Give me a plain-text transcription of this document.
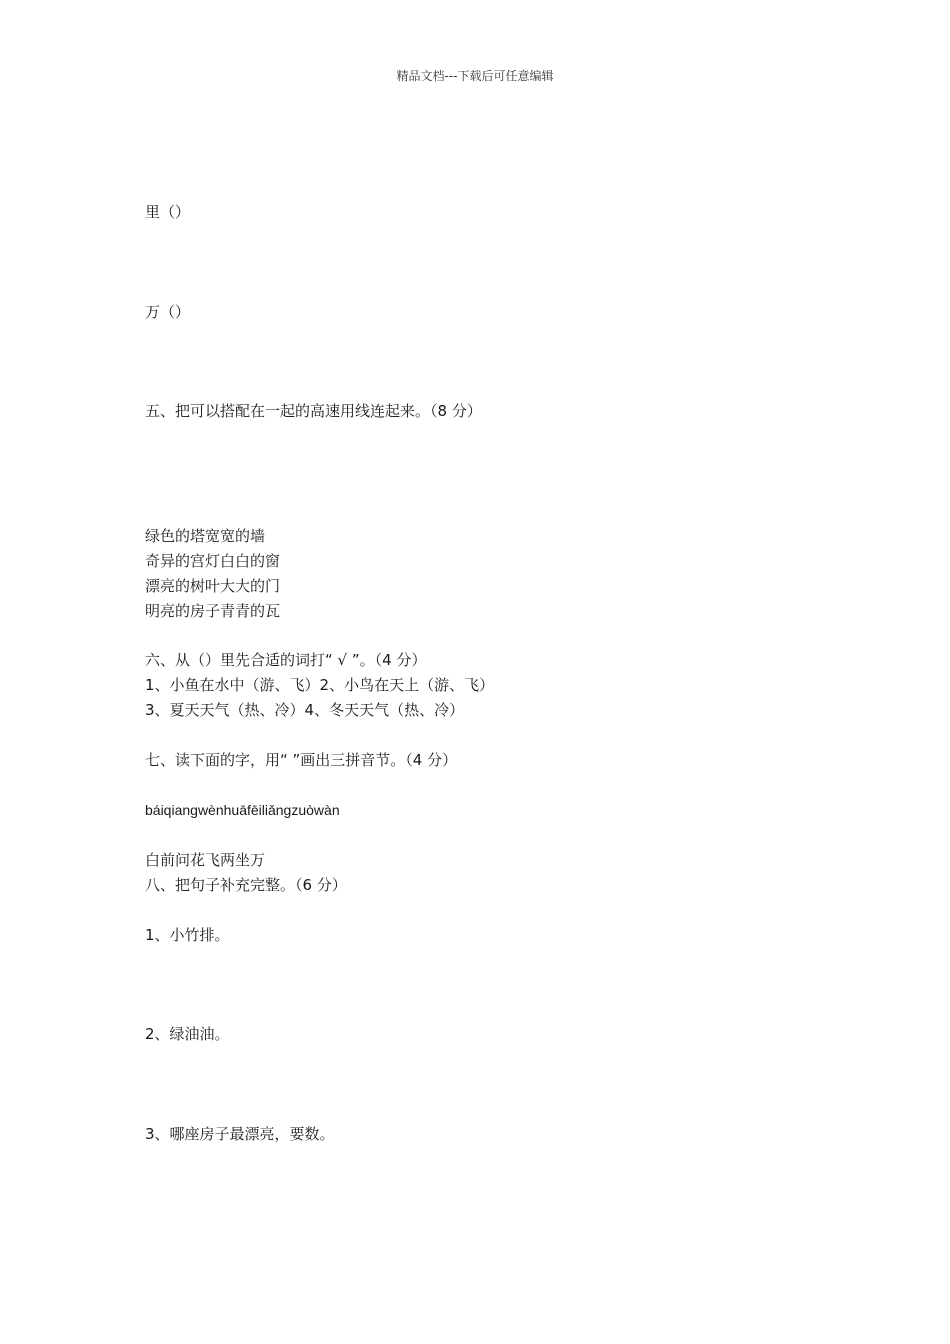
精品文档---下载后可任意编辑
里（）
万（）
五、把可以搭配在一起的高速用线连起来。（8 分）
绿色的塔宽宽的墙
奇异的宫灯白白的窗
漂亮的树叶大大的门
明亮的房子青青的瓦
六、从（）里先合适的词打“ √ ”。（4 分）
1、小鱼在水中（游、飞）2、小鸟在天上（游、飞）
3、夏天天气（热、冷）4、冬天天气（热、冷）
七、读下面的字，用“ ”画出三拼音节。（4 分）
báiqiangwènhuāfēiliǎngzuòwàn
白前问花飞两坐万
八、把句子补充完整。（6 分）
1、小竹排。
2、绿油油。
3、哪座房子最漂亮，要数。
